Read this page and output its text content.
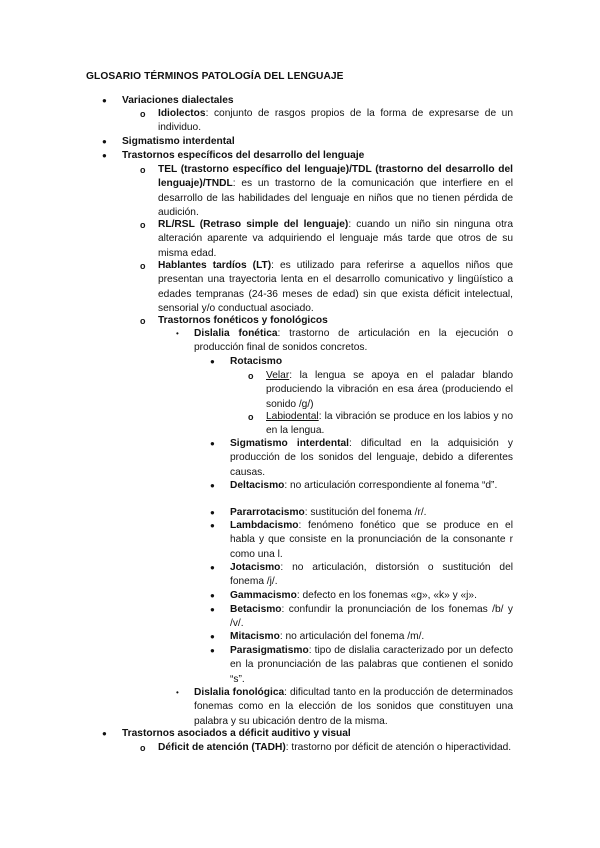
GLOSARIO TÉRMINOS PATOLOGÍA DEL LENGUAJE
● Variaciones dialectales
o Idiolectos: conjunto de rasgos propios de la forma de expresarse de un individuo.
● Sigmatismo interdental
● Trastornos específicos del desarrollo del lenguaje
o TEL (trastorno específico del lenguaje)/TDL (trastorno del desarrollo del lenguaje)/TNDL: es un trastorno de la comunicación que interfiere en el desarrollo de las habilidades del lenguaje en niños que no tienen pérdida de audición.
o RL/RSL (Retraso simple del lenguaje): cuando un niño sin ninguna otra alteración aparente va adquiriendo el lenguaje más tarde que otros de su misma edad.
o Hablantes tardíos (LT): es utilizado para referirse a aquellos niños que presentan una trayectoria lenta en el desarrollo comunicativo y lingüístico a edades tempranas (24-36 meses de edad) sin que exista déficit intelectual, sensorial y/o conductual asociado.
o Trastornos fonéticos y fonológicos
• Dislalia fonética: trastorno de articulación en la ejecución o producción final de sonidos concretos.
● Rotacismo
o Velar: la lengua se apoya en el paladar blando produciendo la vibración en esa área (produciendo el sonido /g/)
o Labiodental: la vibración se produce en los labios y no en la lengua.
● Sigmatismo interdental: dificultad en la adquisición y producción de los sonidos del lenguaje, debido a diferentes causas.
● Deltacismo: no articulación correspondiente al fonema “d”.
● Pararrotacismo: sustitución del fonema /r/.
● Lambdacismo: fenómeno fonético que se produce en el habla y que consiste en la pronunciación de la consonante r como una l.
● Jotacismo: no articulación, distorsión o sustitución del fonema /j/.
● Gammacismo: defecto en los fonemas «g», «k» y «j».
● Betacismo: confundir la pronunciación de los fonemas /b/ y /v/.
● Mitacismo: no articulación del fonema /m/.
● Parasigmatismo: tipo de dislalia caracterizado por un defecto en la pronunciación de las palabras que contienen el sonido “s”.
• Dislalia fonológica: dificultad tanto en la producción de determinados fonemas como en la elección de los sonidos que constituyen una palabra y su ubicación dentro de la misma.
● Trastornos asociados a déficit auditivo y visual
o Déficit de atención (TADH): trastorno por déficit de atención o hiperactividad.
